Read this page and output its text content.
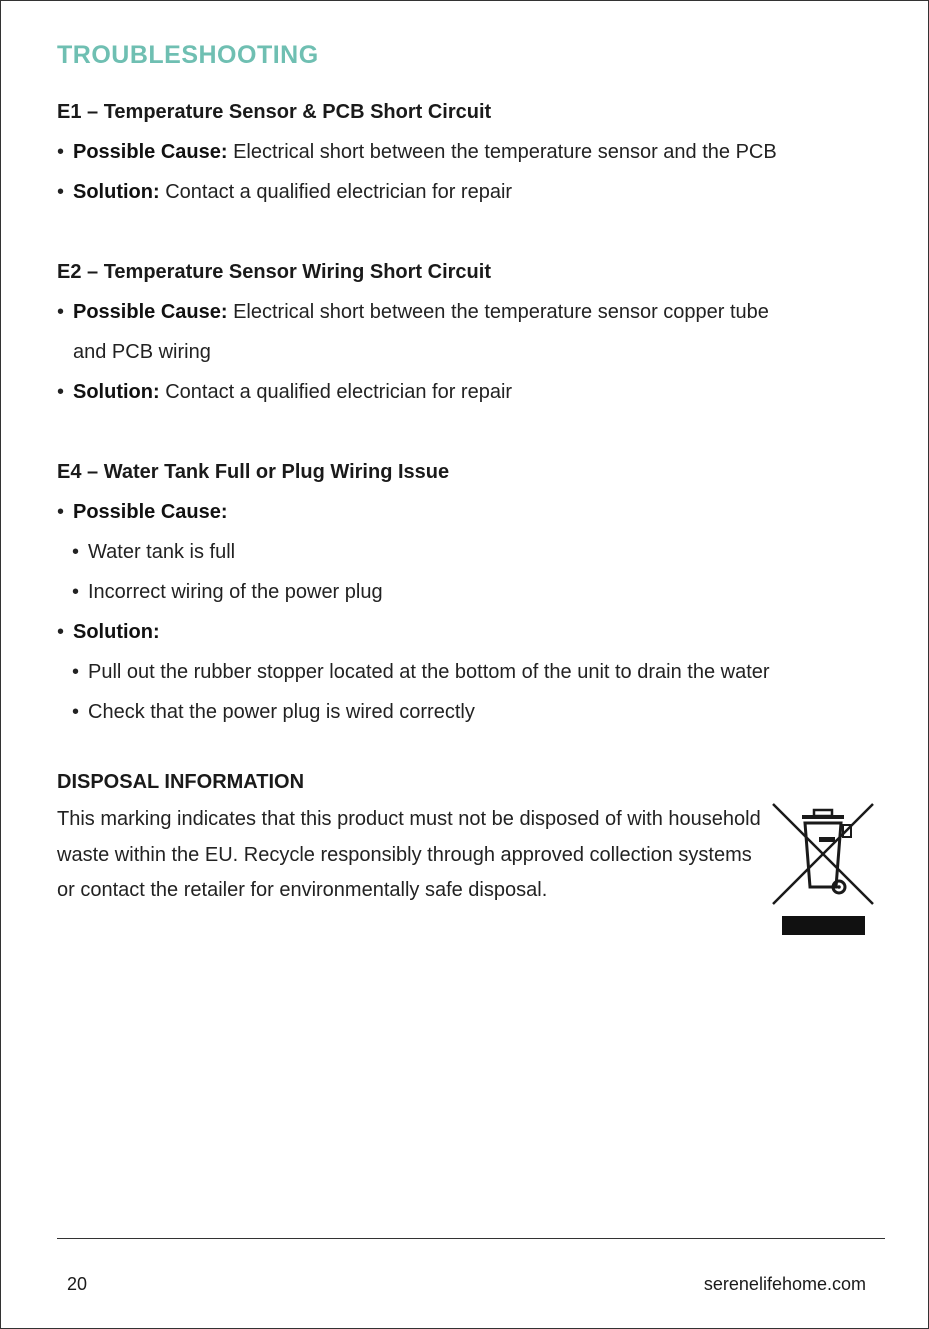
TROUBLESHOOTING
E1 – Temperature Sensor & PCB Short Circuit
• Possible Cause: Electrical short between the temperature sensor and the PCB
• Solution: Contact a qualified electrician for repair
E2 – Temperature Sensor Wiring Short Circuit
• Possible Cause: Electrical short between the temperature sensor copper tube
and PCB wiring
• Solution: Contact a qualified electrician for repair
E4 – Water Tank Full or Plug Wiring Issue
• Possible Cause:
• Water tank is full
• Incorrect wiring of the power plug
• Solution:
• Pull out the rubber stopper located at the bottom of the unit to drain the water
• Check that the power plug is wired correctly
DISPOSAL INFORMATION
This marking indicates that this product must not be disposed of with household waste within the EU. Recycle responsibly through approved collection systems or contact the retailer for environmentally safe disposal.
20	serenelifehome.com
